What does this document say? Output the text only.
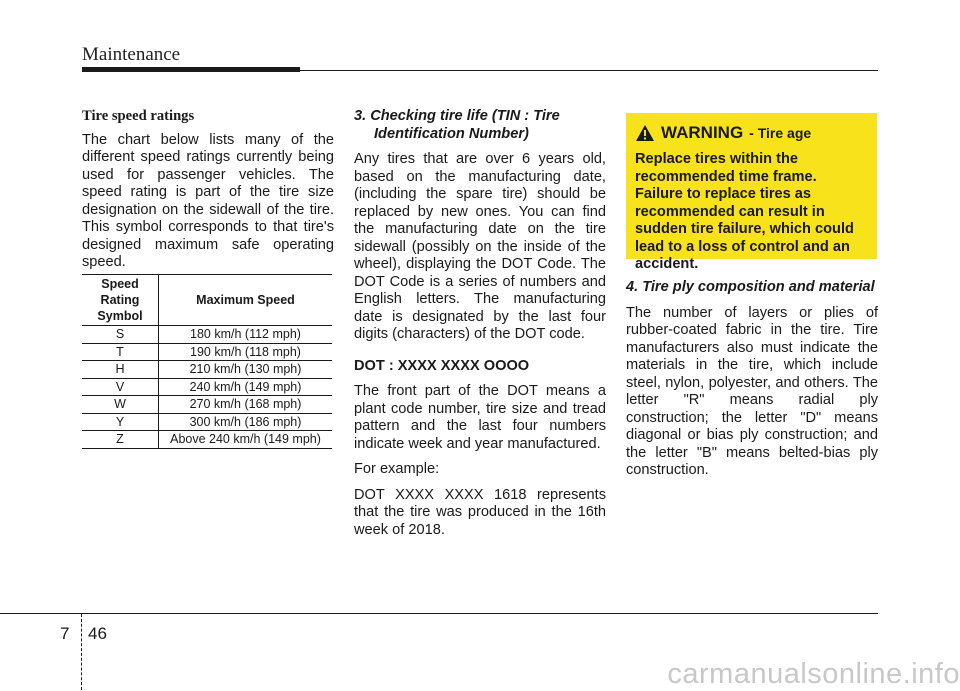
Maintenance
Tire speed ratings

The chart below lists many of the different speed ratings currently being used for passenger vehicles. The speed rating is part of the tire size designation on the sidewall of the tire. This symbol corresponds to that tire's designed maximum safe operating speed.

Speed Rating Symbol	Maximum Speed
S	180 km/h (112 mph)
T	190 km/h (118 mph)
H	210 km/h (130 mph)
V	240 km/h (149 mph)
W	270 km/h (168 mph)
Y	300 km/h (186 mph)
Z	Above 240 km/h (149 mph)
3. Checking tire life (TIN : Tire Identification Number)

Any tires that are over 6 years old, based on the manufacturing date, (including the spare tire) should be replaced by new ones. You can find the manufacturing date on the tire sidewall (possibly on the inside of the wheel), displaying the DOT Code. The DOT Code is a series of numbers and English letters. The manufacturing date is designated by the last four digits (characters) of the DOT code.

DOT : XXXX XXXX OOOO

The front part of the DOT means a plant code number, tire size and tread pattern and the last four numbers indicate week and year manufactured.

For example:

DOT XXXX XXXX 1618 represents that the tire was produced in the 16th week of 2018.

WARNING - Tire age
Replace tires within the recommended time frame. Failure to replace tires as recommended can result in sudden tire failure, which could lead to a loss of control and an accident.
4. Tire ply composition and material

The number of layers or plies of rubber-coated fabric in the tire. Tire manufacturers also must indicate the materials in the tire, which include steel, nylon, polyester, and others. The letter "R" means radial ply construction; the letter "D" means diagonal or bias ply construction; and the letter "B" means belted-bias ply construction.

7 46
carmanualsonline.info
